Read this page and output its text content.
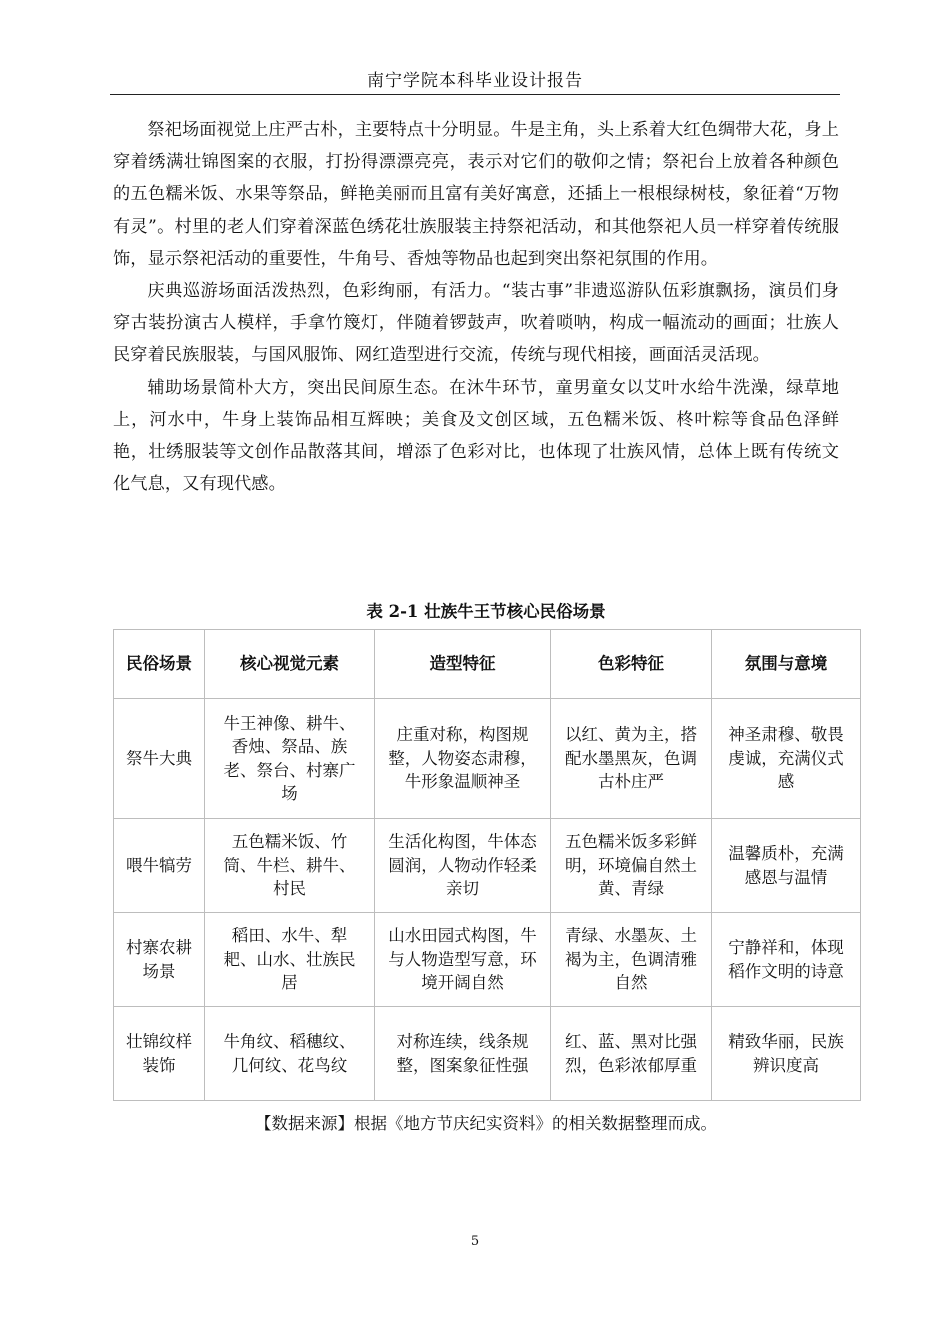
南宁学院本科毕业设计报告

祭祀场面视觉上庄严古朴，主要特点十分明显。牛是主角，头上系着大红色绸带大花，身上穿着绣满壮锦图案的衣服，打扮得漂漂亮亮，表示对它们的敬仰之情；祭祀台上放着各种颜色的五色糯米饭、水果等祭品，鲜艳美丽而且富有美好寓意，还插上一根根绿树枝，象征着“万物有灵”。村里的老人们穿着深蓝色绣花壮族服装主持祭祀活动，和其他祭祀人员一样穿着传统服饰，显示祭祀活动的重要性，牛角号、香烛等物品也起到突出祭祀氛围的作用。

庆典巡游场面活泼热烈，色彩绚丽，有活力。“装古事”非遗巡游队伍彩旗飘扬，演员们身穿古装扮演古人模样，手拿竹篾灯，伴随着锣鼓声，吹着唢呐，构成一幅流动的画面；壮族人民穿着民族服装，与国风服饰、网红造型进行交流，传统与现代相接，画面活灵活现。

辅助场景简朴大方，突出民间原生态。在沐牛环节，童男童女以艾叶水给牛洗澡，绿草地上，河水中，牛身上装饰品相互辉映；美食及文创区域，五色糯米饭、柊叶粽等食品色泽鲜艳，壮绣服装等文创作品散落其间，增添了色彩对比，也体现了壮族风情，总体上既有传统文化气息，又有现代感。

表 2-1 壮族牛王节核心民俗场景
民俗场景	核心视觉元素	造型特征	色彩特征	氛围与意境
祭牛大典	牛王神像、耕牛、香烛、祭品、族老、祭台、村寨广场	庄重对称，构图规整，人物姿态肃穆，牛形象温顺神圣	以红、黄为主，搭配水墨黑灰，色调古朴庄严	神圣肃穆、敬畏虔诚，充满仪式感
喂牛犒劳	五色糯米饭、竹筒、牛栏、耕牛、村民	生活化构图，牛体态圆润，人物动作轻柔亲切	五色糯米饭多彩鲜明，环境偏自然土黄、青绿	温馨质朴，充满感恩与温情
村寨农耕场景	稻田、水牛、犁耙、山水、壮族民居	山水田园式构图，牛与人物造型写意，环境开阔自然	青绿、水墨灰、土褐为主，色调清雅自然	宁静祥和，体现稻作文明的诗意
壮锦纹样装饰	牛角纹、稻穗纹、几何纹、花鸟纹	对称连续，线条规整，图案象征性强	红、蓝、黑对比强烈，色彩浓郁厚重	精致华丽，民族辨识度高
【数据来源】根据《地方节庆纪实资料》的相关数据整理而成。
5
